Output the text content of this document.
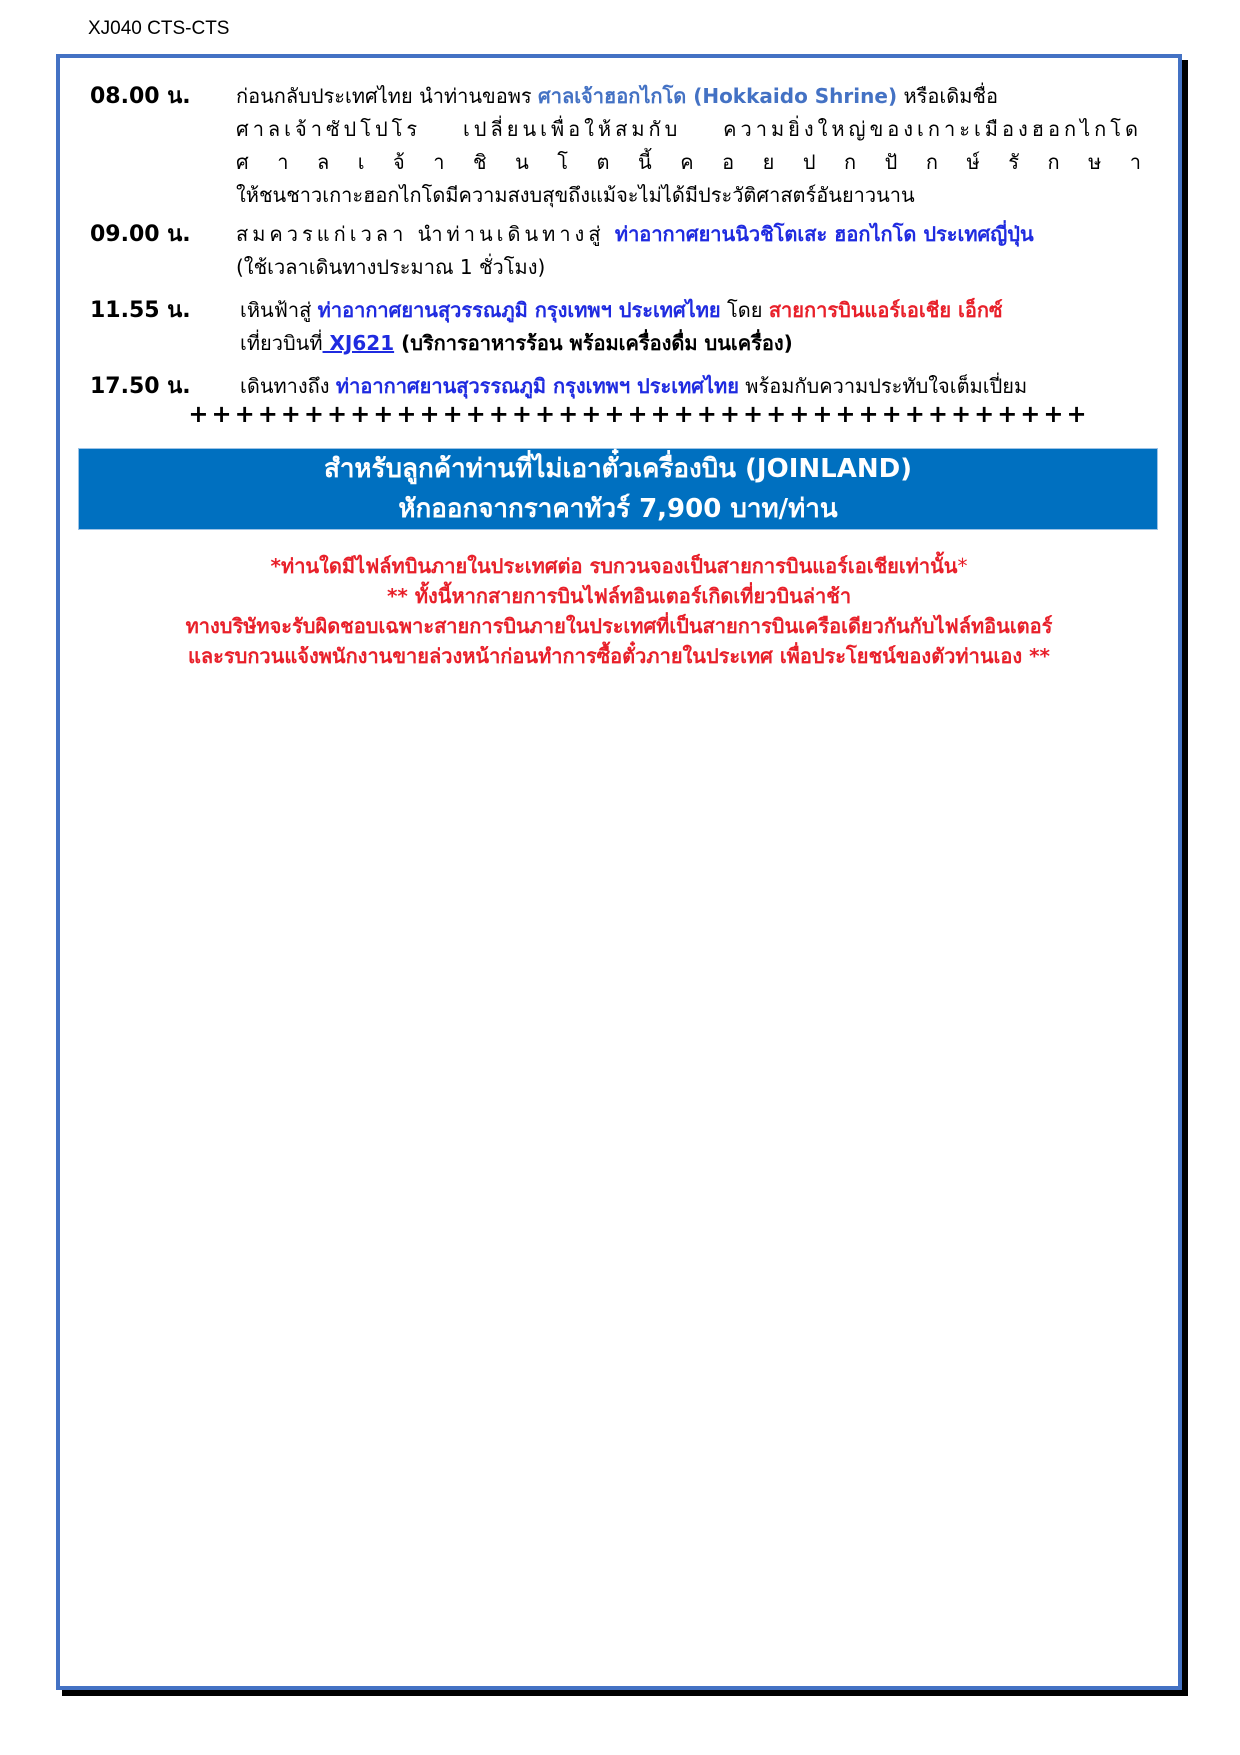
XJ040 CTS-CTS
08.00 น.	ก่อนกลับประเทศไทย นำท่านขอพร ศาลเจ้าฮอกไกโด (Hokkaido Shrine) หรือเดิมชื่อ
ศาลเจ้าซัปโปโร เปลี่ยนเพื่อให้สมกับ ความยิ่งใหญ่ของเกาะเมืองฮอกไกโด
ศ า ล เ จ้ า ชิ น โ ต นี้ ค อ ย ป ก ปั ก ษ์ รั ก ษ า
ให้ชนชาวเกาะฮอกไกโดมีความสงบสุขถึงแม้จะไม่ได้มีประวัติศาสตร์อันยาวนาน
09.00 น.	สมควรแก่เวลา นำท่านเดินทางสู่ ท่าอากาศยานนิวชิโตเสะ ฮอกไกโด ประเทศญี่ปุ่น
(ใช้เวลาเดินทางประมาณ 1 ชั่วโมง)
11.55 น.	เหินฟ้าสู่ ท่าอากาศยานสุวรรณภูมิ กรุงเทพฯ ประเทศไทย โดย สายการบินแอร์เอเชีย เอ็กซ์
เที่ยวบินที่ XJ621 (บริการอาหารร้อน พร้อมเครื่องดื่ม บนเครื่อง)
17.50 น.	เดินทางถึง ท่าอากาศยานสุวรรณภูมิ กรุงเทพฯ ประเทศไทย พร้อมกับความประทับใจเต็มเปี่ยม
+++++++++++++++++++++++++++++++++++++++
สำหรับลูกค้าท่านที่ไม่เอาตั๋วเครื่องบิน (JOINLAND)
หักออกจากราคาทัวร์ 7,900 บาท/ท่าน
*ท่านใดมีไฟล์ทบินภายในประเทศต่อ รบกวนจองเป็นสายการบินแอร์เอเชียเท่านั้น*
** ทั้งนี้หากสายการบินไฟล์ทอินเตอร์เกิดเที่ยวบินล่าช้า
ทางบริษัทจะรับผิดชอบเฉพาะสายการบินภายในประเทศที่เป็นสายการบินเครือเดียวกันกับไฟล์ทอินเตอร์
และรบกวนแจ้งพนักงานขายล่วงหน้าก่อนทำการซื้อตั๋วภายในประเทศ เพื่อประโยชน์ของตัวท่านเอง **
